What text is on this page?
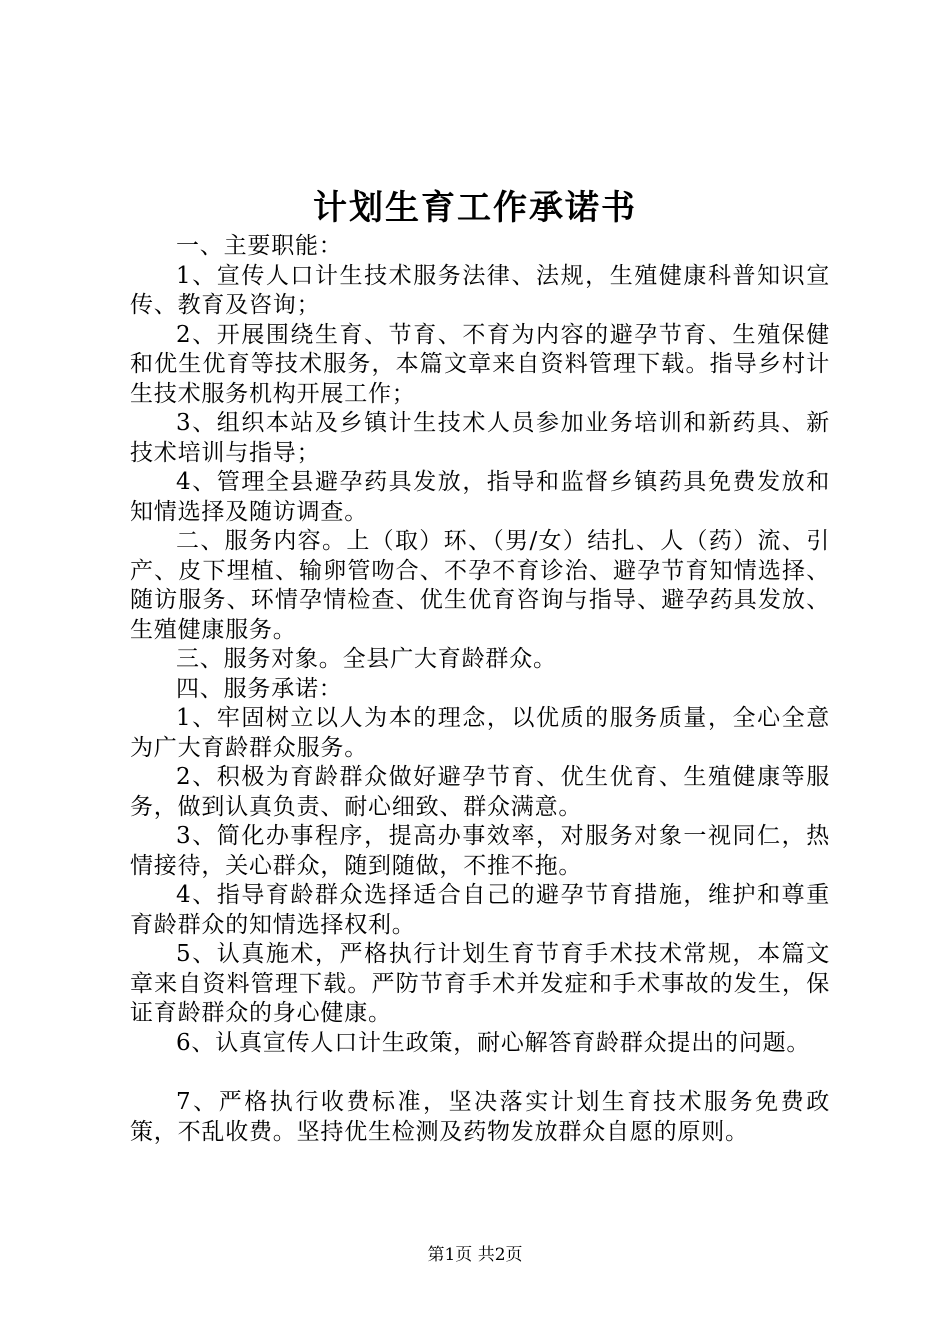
计划生育工作承诺书

一、主要职能：

1、宣传人口计生技术服务法律、法规，生殖健康科普知识宣传、教育及咨询；

2、开展围绕生育、节育、不育为内容的避孕节育、生殖保健和优生优育等技术服务，本篇文章来自资料管理下载。指导乡村计生技术服务机构开展工作；

3、组织本站及乡镇计生技术人员参加业务培训和新药具、新技术培训与指导；

4、管理全县避孕药具发放，指导和监督乡镇药具免费发放和知情选择及随访调查。

二、服务内容。上（取）环、（男/女）结扎、人（药）流、引产、皮下埋植、输卵管吻合、不孕不育诊治、避孕节育知情选择、随访服务、环情孕情检查、优生优育咨询与指导、避孕药具发放、生殖健康服务。

三、服务对象。全县广大育龄群众。

四、服务承诺：

1、牢固树立以人为本的理念，以优质的服务质量，全心全意为广大育龄群众服务。

2、积极为育龄群众做好避孕节育、优生优育、生殖健康等服务，做到认真负责、耐心细致、群众满意。

3、简化办事程序，提高办事效率，对服务对象一视同仁，热情接待，关心群众，随到随做，不推不拖。

4、指导育龄群众选择适合自己的避孕节育措施，维护和尊重育龄群众的知情选择权利。

5、认真施术，严格执行计划生育节育手术技术常规，本篇文章来自资料管理下载。严防节育手术并发症和手术事故的发生，保证育龄群众的身心健康。

6、认真宣传人口计生政策，耐心解答育龄群众提出的问题。

7、严格执行收费标准，坚决落实计划生育技术服务免费政策，不乱收费。坚持优生检测及药物发放群众自愿的原则。

第1页 共2页
